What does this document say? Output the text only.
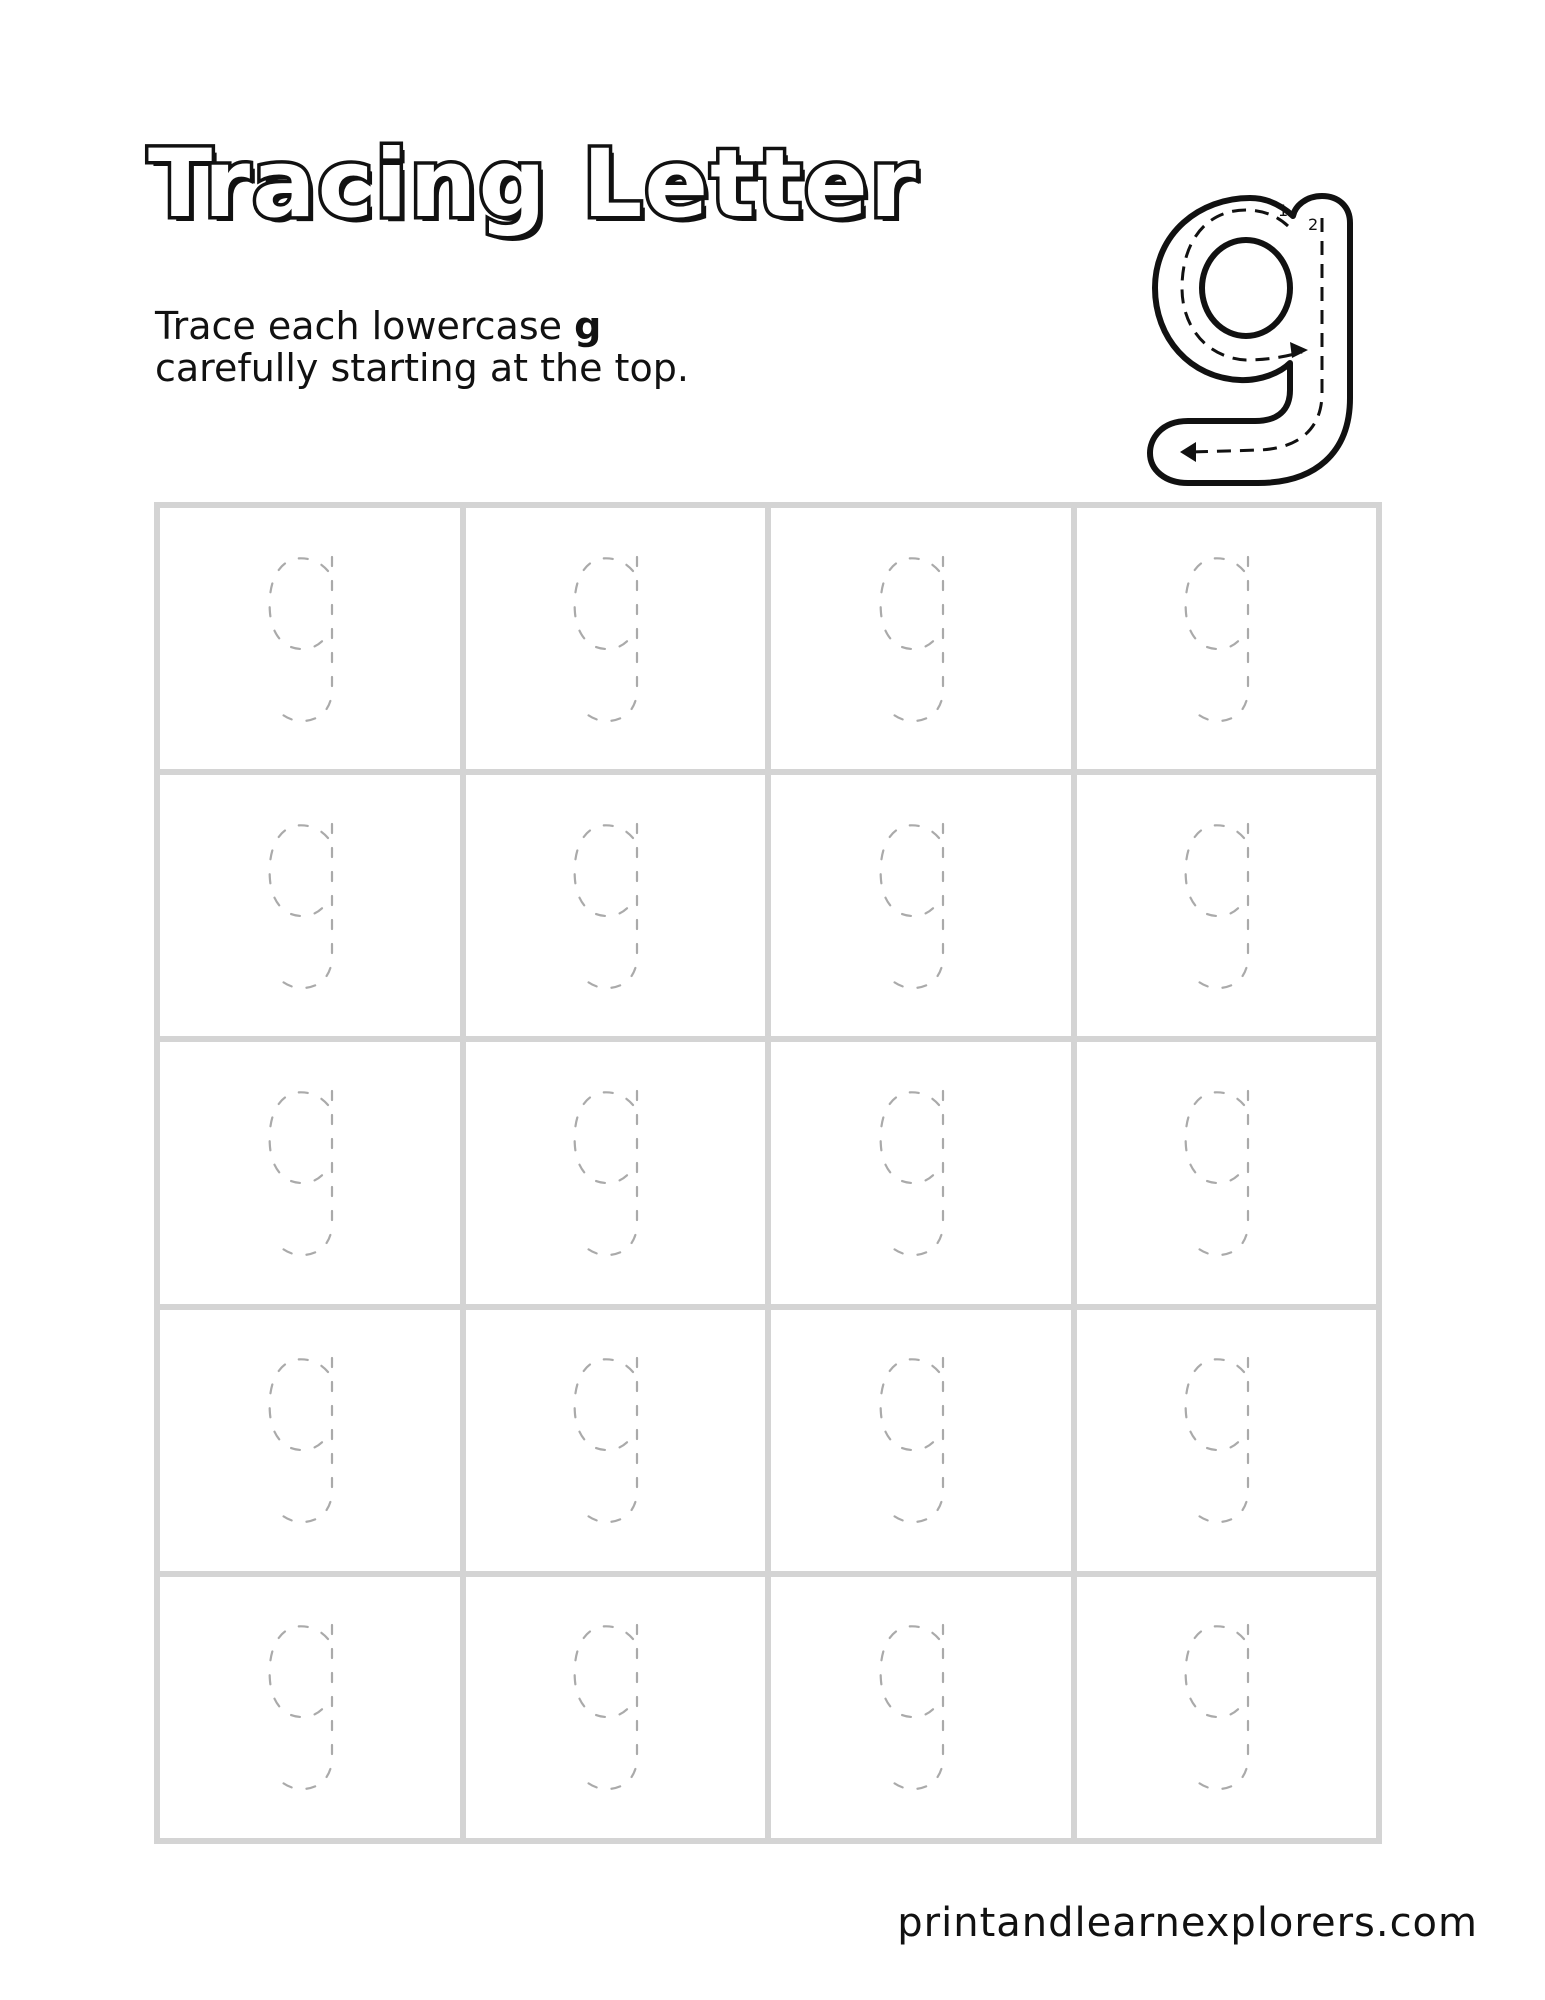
Tracing Letter
Trace each lowercase g
carefully starting at the top.
1
2
printandlearnexplorers.com
